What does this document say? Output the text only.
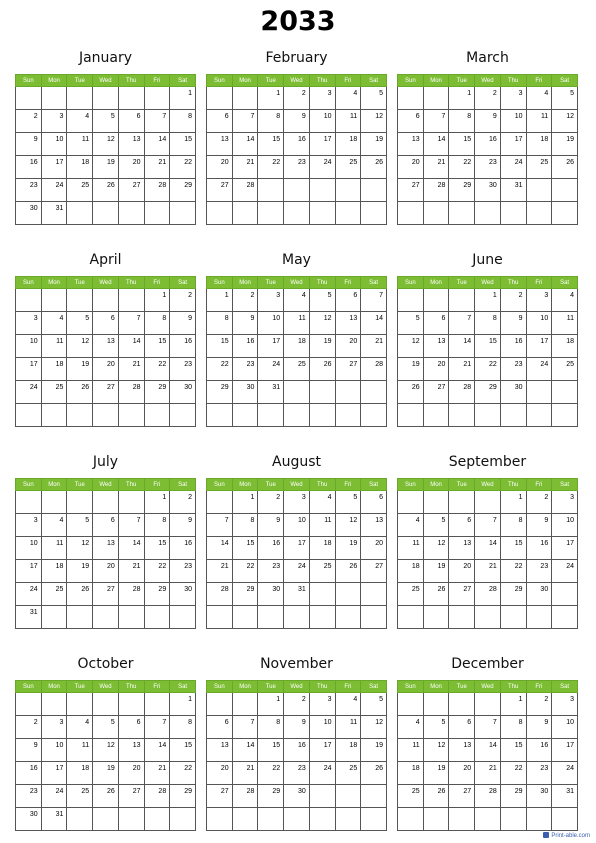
2033
January
Sun	Mon	Tue	Wed	Thu	Fri	Sat
						1
2	3	4	5	6	7	8
9	10	11	12	13	14	15
16	17	18	19	20	21	22
23	24	25	26	27	28	29
30	31					
February
Sun	Mon	Tue	Wed	Thu	Fri	Sat
		1	2	3	4	5
6	7	8	9	10	11	12
13	14	15	16	17	18	19
20	21	22	23	24	25	26
27	28					

March
Sun	Mon	Tue	Wed	Thu	Fri	Sat
		1	2	3	4	5
6	7	8	9	10	11	12
13	14	15	16	17	18	19
20	21	22	23	24	25	26
27	28	29	30	31		

April
Sun	Mon	Tue	Wed	Thu	Fri	Sat
					1	2
3	4	5	6	7	8	9
10	11	12	13	14	15	16
17	18	19	20	21	22	23
24	25	26	27	28	29	30

May
Sun	Mon	Tue	Wed	Thu	Fri	Sat
1	2	3	4	5	6	7
8	9	10	11	12	13	14
15	16	17	18	19	20	21
22	23	24	25	26	27	28
29	30	31				

June
Sun	Mon	Tue	Wed	Thu	Fri	Sat
			1	2	3	4
5	6	7	8	9	10	11
12	13	14	15	16	17	18
19	20	21	22	23	24	25
26	27	28	29	30		

July
Sun	Mon	Tue	Wed	Thu	Fri	Sat
					1	2
3	4	5	6	7	8	9
10	11	12	13	14	15	16
17	18	19	20	21	22	23
24	25	26	27	28	29	30
31						
August
Sun	Mon	Tue	Wed	Thu	Fri	Sat
	1	2	3	4	5	6
7	8	9	10	11	12	13
14	15	16	17	18	19	20
21	22	23	24	25	26	27
28	29	30	31			

September
Sun	Mon	Tue	Wed	Thu	Fri	Sat
				1	2	3
4	5	6	7	8	9	10
11	12	13	14	15	16	17
18	19	20	21	22	23	24
25	26	27	28	29	30	

October
Sun	Mon	Tue	Wed	Thu	Fri	Sat
						1
2	3	4	5	6	7	8
9	10	11	12	13	14	15
16	17	18	19	20	21	22
23	24	25	26	27	28	29
30	31					
November
Sun	Mon	Tue	Wed	Thu	Fri	Sat
		1	2	3	4	5
6	7	8	9	10	11	12
13	14	15	16	17	18	19
20	21	22	23	24	25	26
27	28	29	30			

December
Sun	Mon	Tue	Wed	Thu	Fri	Sat
				1	2	3
4	5	6	7	8	9	10
11	12	13	14	15	16	17
18	19	20	21	22	23	24
25	26	27	28	29	30	31

Print-able.com
